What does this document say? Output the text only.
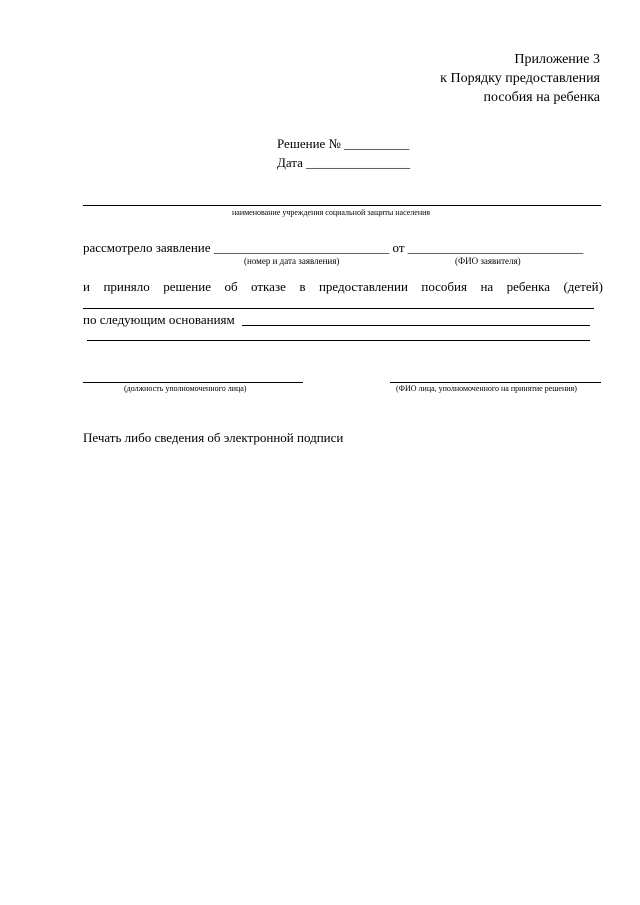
Приложение 3
к Порядку предоставления
пособия на ребенка
Решение № __________
Дата ________________
наименование учреждения социальной защиты населения
рассмотрело заявление ___________________________ от ___________________________
(номер и дата заявления)	(ФИО заявителя)
и приняло решение об отказе в предоставлении пособия на ребенка (детей)
по следующим основаниям
(должность уполномоченного лица)	(ФИО лица, уполномоченного на принятие решения)
Печать либо сведения об электронной подписи
